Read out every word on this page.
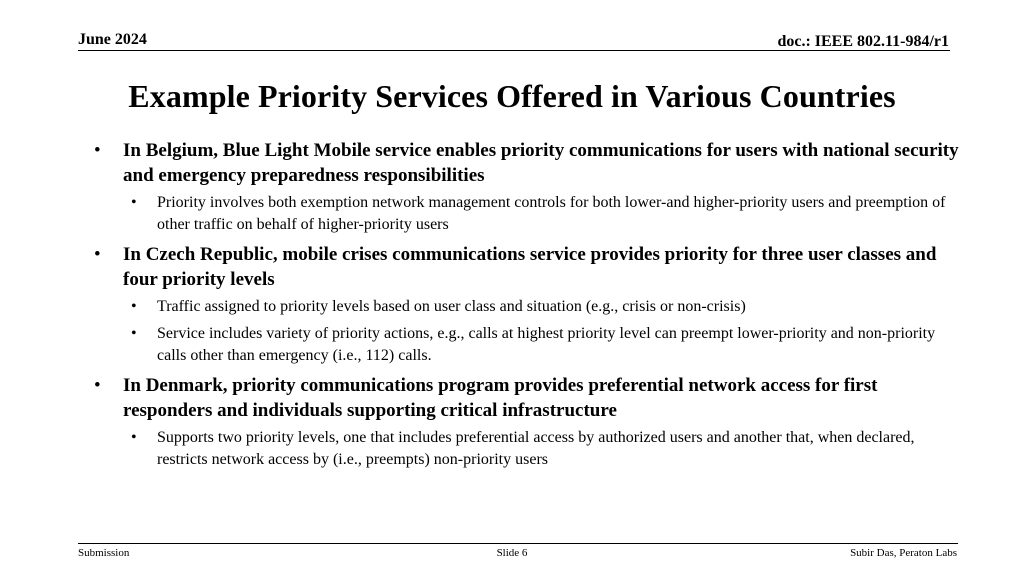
June 2024	doc.: IEEE 802.11-984/r1
Example Priority Services Offered in Various Countries
• In Belgium, Blue Light Mobile service enables priority communications for users with national security and emergency preparedness responsibilities
• Priority involves both exemption network management controls for both lower-and higher-priority users and preemption of other traffic on behalf of higher-priority users
• In Czech Republic, mobile crises communications service provides priority for three user classes and four priority levels
• Traffic assigned to priority levels based on user class and situation (e.g., crisis or non-crisis)
• Service includes variety of priority actions, e.g., calls at highest priority level can preempt lower-priority and non-priority calls other than emergency (i.e., 112) calls.
• In Denmark, priority communications program provides preferential network access for first responders and individuals supporting critical infrastructure
• Supports two priority levels, one that includes preferential access by authorized users and another that, when declared, restricts network access by (i.e., preempts) non-priority users
Submission	Slide 6	Subir Das, Peraton Labs
